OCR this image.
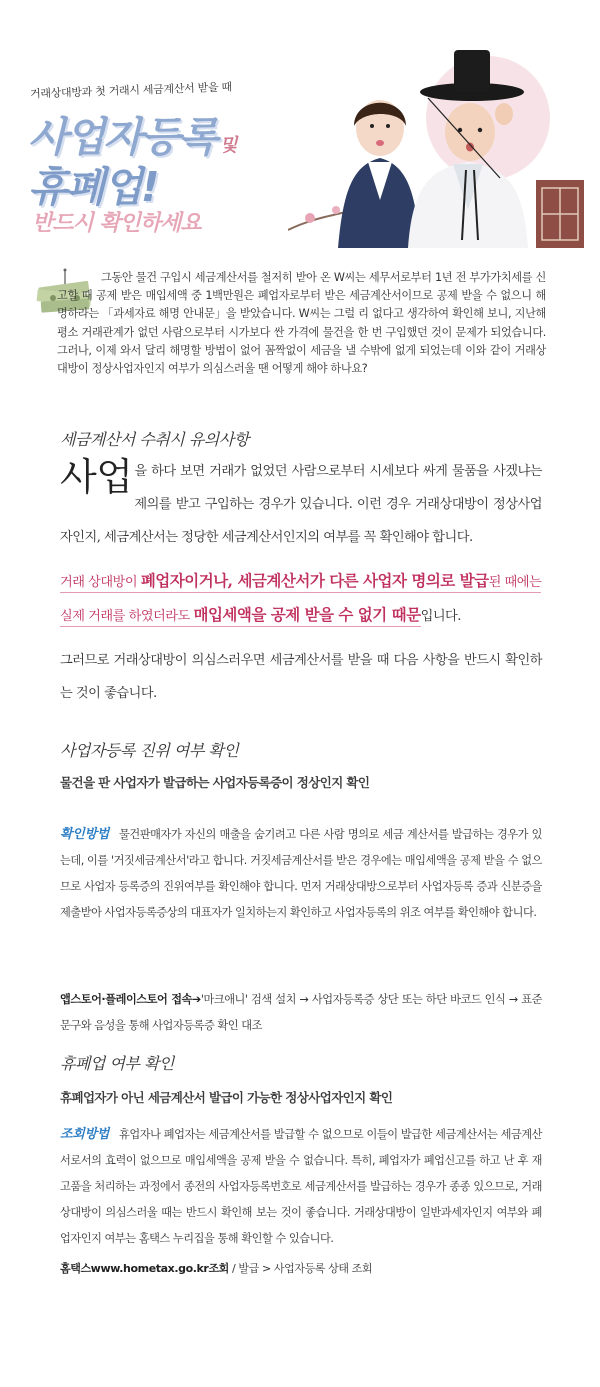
거래상대방과 첫 거래시 세금계산서 받을 때
사업자등록 및
휴폐업!
반드시 확인하세요
그동안 물건 구입시 세금계산서를 철저히 받아 온 W씨는 세무서로부터 1년 전 부가가치세를 신고할 때 공제 받은 매입세액 중 1백만원은 폐업자로부터 받은 세금계산서이므로 공제 받을 수 없으니 해명하라는 「과세자료 해명 안내문」을 받았습니다. W씨는 그럴 리 없다고 생각하여 확인해 보니, 지난해 평소 거래관계가 없던 사람으로부터 시가보다 싼 가격에 물건을 한 번 구입했던 것이 문제가 되었습니다. 그러나, 이제 와서 달리 해명할 방법이 없어 꼼짝없이 세금을 낼 수밖에 없게 되었는데 이와 같이 거래상대방이 정상사업자인지 여부가 의심스러울 땐 어떻게 해야 하나요?
세금계산서 수취시 유의사항
사업 을 하다 보면 거래가 없었던 사람으로부터 시세보다 싸게 물품을 사겠냐는 제의를 받고 구입하는 경우가 있습니다. 이런 경우 거래상대방이 정상사업자인지, 세금계산서는 정당한 세금계산서인지의 여부를 꼭 확인해야 합니다.
거래 상대방이 폐업자이거나, 세금계산서가 다른 사업자 명의로 발급된 때에는 실제 거래를 하였더라도 매입세액을 공제 받을 수 없기 때문입니다.
그러므로 거래상대방이 의심스러우면 세금계산서를 받을 때 다음 사항을 반드시 확인하는 것이 좋습니다.
사업자등록 진위 여부 확인
물건을 판 사업자가 발급하는 사업자등록증이 정상인지 확인
확인방법 물건판매자가 자신의 매출을 숨기려고 다른 사람 명의로 세금 계산서를 발급하는 경우가 있는데, 이를 '거짓세금계산서'라고 합니다. 거짓세금계산서를 받은 경우에는 매입세액을 공제 받을 수 없으므로 사업자 등록증의 진위여부를 확인해야 합니다. 먼저 거래상대방으로부터 사업자등록 증과 신분증을 제출받아 사업자등록증상의 대표자가 일치하는지 확인하고 사업자등록의 위조 여부를 확인해야 합니다.
앱스토어·플레이스토어 접속➔'마크애니' 검색 설치 → 사업자등록증 상단 또는 하단 바코드 인식 → 표준문구와 음성을 통해 사업자등록증 확인 대조
휴폐업 여부 확인
휴폐업자가 아닌 세금계산서 발급이 가능한 정상사업자인지 확인
조회방법 휴업자나 폐업자는 세금계산서를 발급할 수 없으므로 이들이 발급한 세금계산서는 세금계산서로서의 효력이 없으므로 매입세액을 공제 받을 수 없습니다. 특히, 폐업자가 폐업신고를 하고 난 후 재고품을 처리하는 과정에서 종전의 사업자등록번호로 세금계산서를 발급하는 경우가 종종 있으므로, 거래상대방이 의심스러울 때는 반드시 확인해 보는 것이 좋습니다. 거래상대방이 일반과세자인지 여부와 폐업자인지 여부는 홈택스 누리집을 통해 확인할 수 있습니다.
홈택스www.hometax.go.kr조회 / 발급 > 사업자등록 상태 조회
